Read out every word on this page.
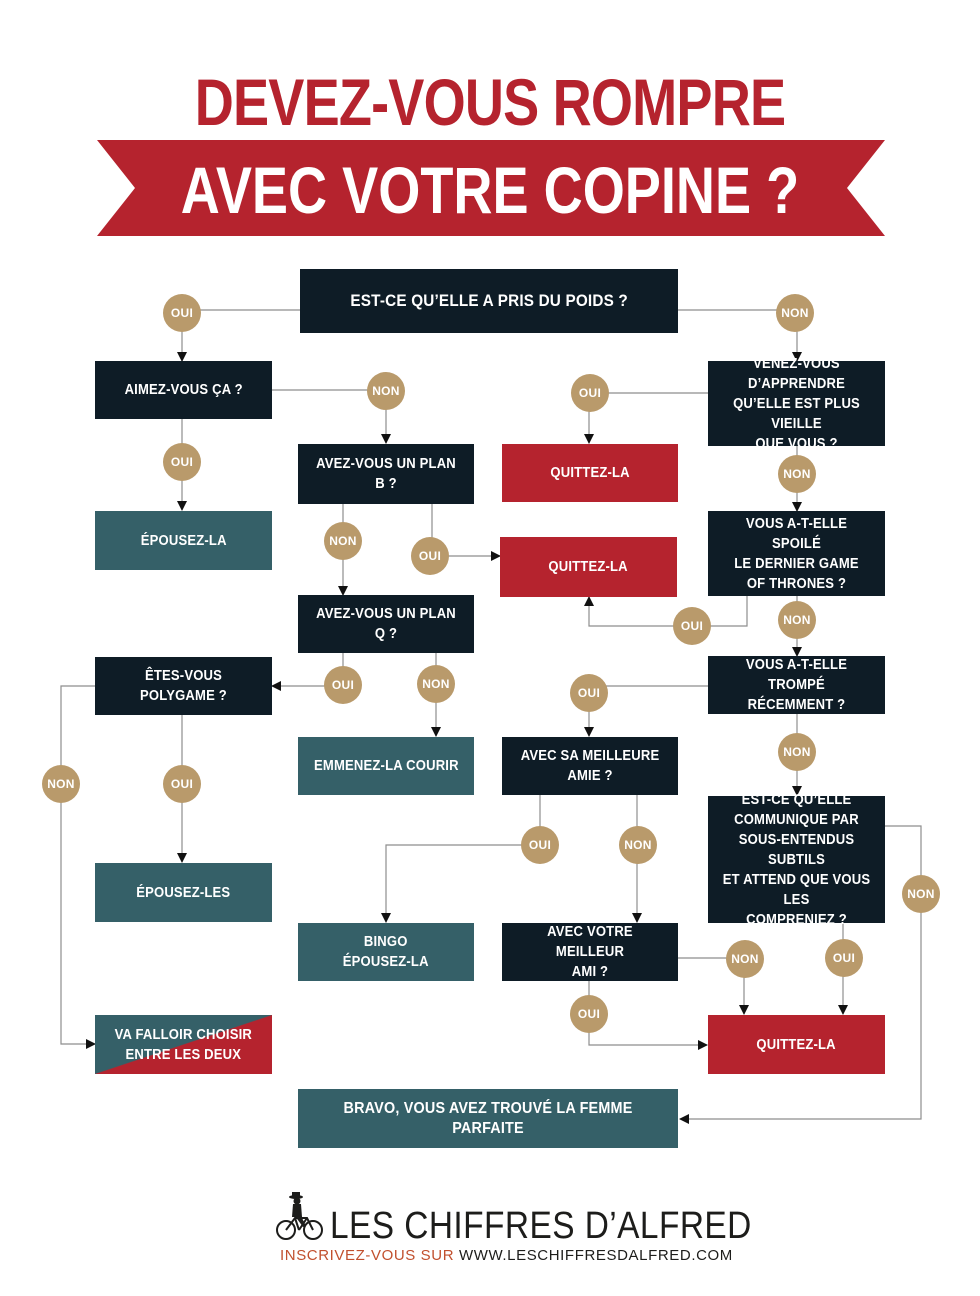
DEVEZ-VOUS ROMPRE
AVEC VOTRE COPINE ?
EST-CE QU’ELLE A PRIS DU POIDS ?
AIMEZ-VOUS ÇA ?
VENEZ-VOUS D’APPRENDRE
QU’ELLE EST PLUS VIEILLE
QUE VOUS ?
AVEZ-VOUS UN PLAN B ?
AVEZ-VOUS UN PLAN Q ?
VOUS A-T-ELLE SPOILÉ
LE DERNIER GAME
OF THRONES ?
ÊTES-VOUS POLYGAME ?
VOUS A-T-ELLE TROMPÉ
RÉCEMMENT ?
AVEC SA MEILLEURE
AMIE ?
EST-CE QU’ELLE
COMMUNIQUE PAR
SOUS-ENTENDUS SUBTILS
ET ATTEND QUE VOUS LES
COMPRENIEZ ?
AVEC VOTRE MEILLEUR
AMI ?
QUITTEZ-LA
QUITTEZ-LA
QUITTEZ-LA
ÉPOUSEZ-LA
EMMENEZ-LA COURIR
ÉPOUSEZ-LES
BINGO
ÉPOUSEZ-LA
VA FALLOIR CHOISIR
ENTRE LES DEUX
BRAVO, VOUS AVEZ TROUVÉ LA FEMME PARFAITE
OUI	NON
NON	OUI
OUI
NON
NON
OUI
NON
OUI
OUI	NON
OUI
NON
NON	OUI
OUI	NON
NON
OUI
NON
OUI
LES CHIFFRES D’ALFRED
INSCRIVEZ-VOUS SUR WWW.LESCHIFFRESDALFRED.COM
